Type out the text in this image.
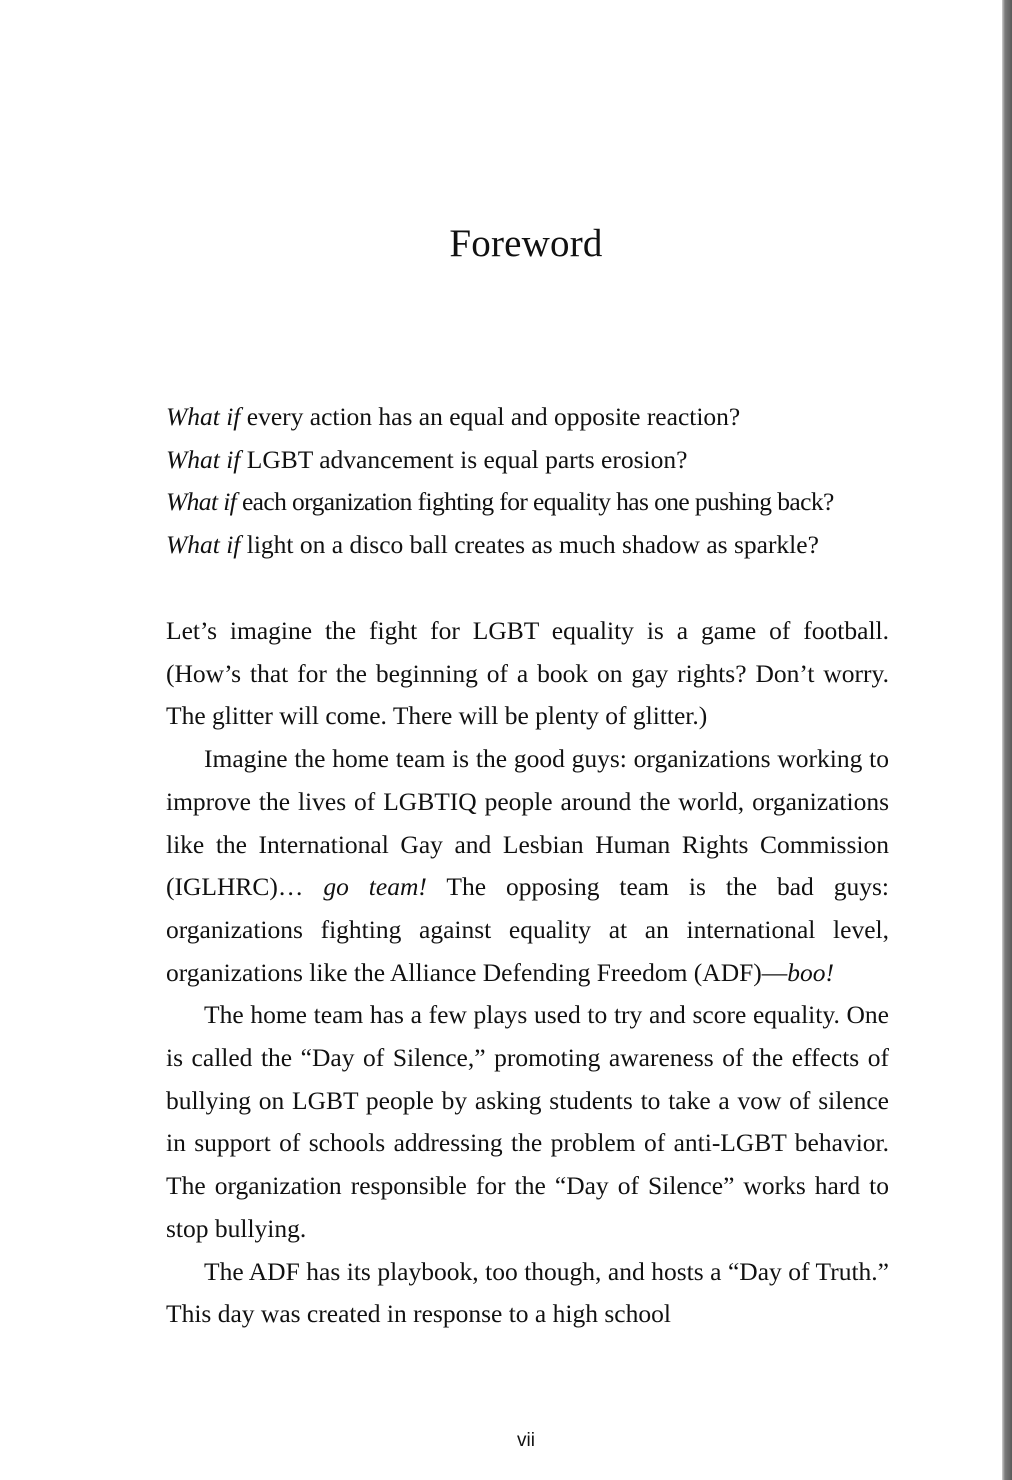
Foreword
What if every action has an equal and opposite reaction?
What if LGBT advancement is equal parts erosion?
What if each organization fighting for equality has one pushing back?
What if light on a disco ball creates as much shadow as sparkle?

Let’s imagine the fight for LGBT equality is a game of football. (How’s that for the beginning of a book on gay rights? Don’t worry. The glitter will come. There will be plenty of glitter.)

Imagine the home team is the good guys: organizations working to improve the lives of LGBTIQ people around the world, organizations like the International Gay and Lesbian Human Rights Commission (IGLHRC)… go team! The opposing team is the bad guys: organizations fighting against equality at an international level, organizations like the Alliance Defending Freedom (ADF)—boo!

The home team has a few plays used to try and score equality. One is called the “Day of Silence,” promoting awareness of the effects of bullying on LGBT people by asking students to take a vow of silence in support of schools addressing the problem of anti-LGBT behavior. The organization responsible for the “Day of Silence” works hard to stop bullying.

The ADF has its playbook, too though, and hosts a “Day of Truth.” This day was created in response to a high school

vii
